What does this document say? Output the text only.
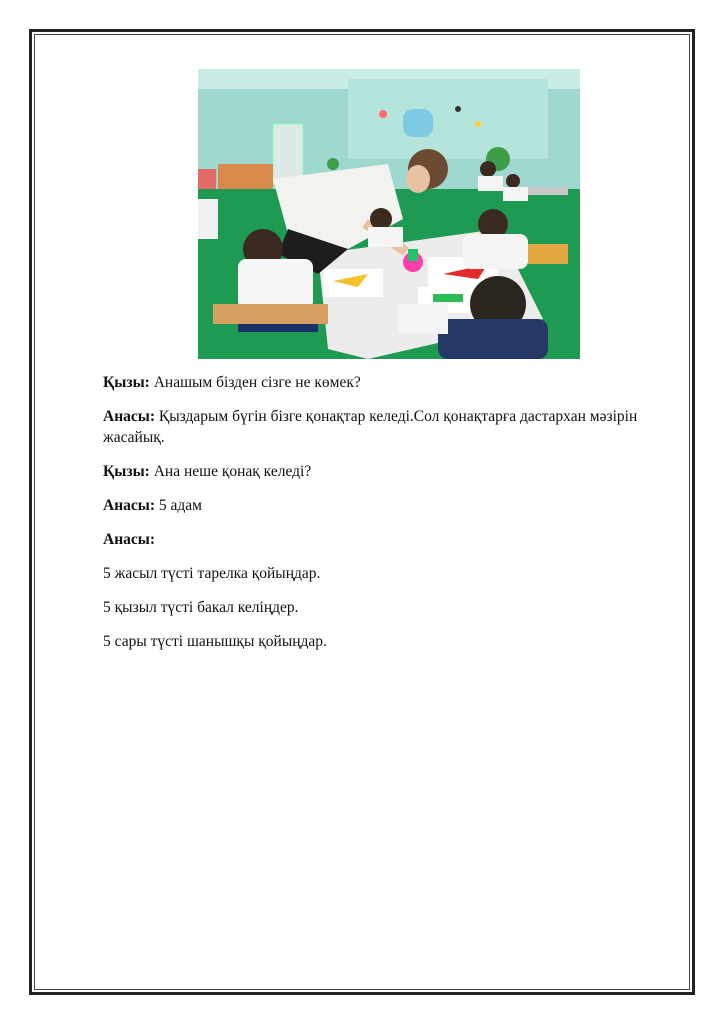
Қызы: Анашым бізден сізге не көмек?

Анасы: Қыздарым бүгін бізге қонақтар келеді.Сол қонақтарға дастархан мәзірін жасайық.

Қызы: Ана неше қонақ келеді?

Анасы: 5 адам

Анасы:

5 жасыл түсті тарелка қойыңдар.

5 қызыл түсті бакал келіңдер.

5 сары түсті шанышқы қойыңдар.
